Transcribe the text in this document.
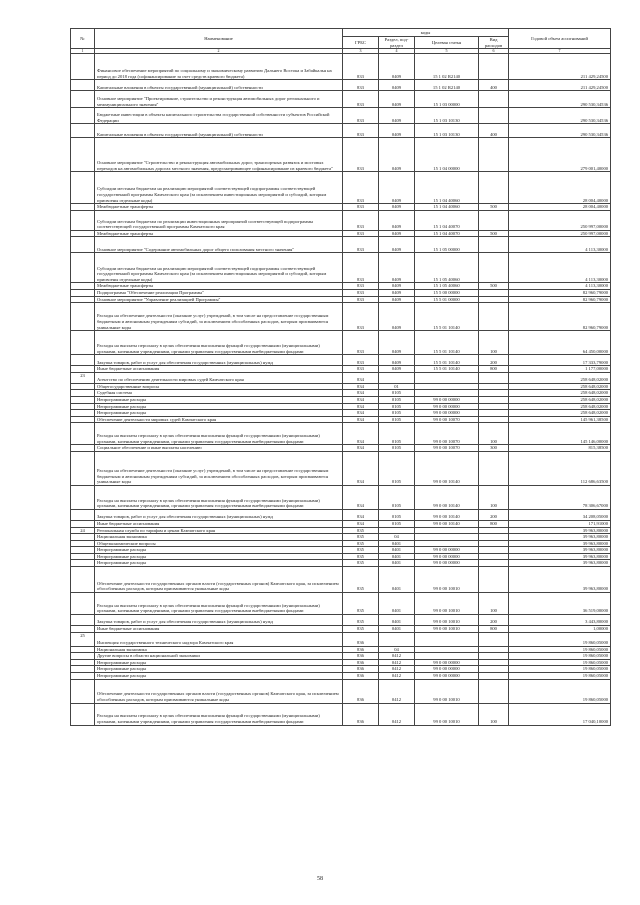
№	Наименование	коды				Годовой объем ассигнований
		ГРБС	Раздел, под-раздел	Целевая статья	Вид расходов	
1	2	3	4	5	6	7
	Финансовое обеспечение мероприятий по социальному и экономическому развитию Дальнего Востока и Забайкалья на период до 2018 года (софинансирование за счет средств краевого бюджета)	833	0409	15 1 02 R2140		211 429,24500
	Капитальные вложения в объекты государственной (муниципальной) собственности	833	0409	15 1 02 R2140	400	211 429,24500
	Основное мероприятие "Проектирование, строительство и реконструкция автомобильных дорог регионального и межмуниципального значения"	833	0409	15 1 03 00000		290 530,34536
	Бюджетные инвестиции в объекты капитального строительства государственной собственности субъектов Российской Федерации	833	0409	15 1 03 10130		290 530,34536
	Капитальные вложения в объекты государственной (муниципальной) собственности	833	0409	15 1 03 10130	400	290 530,34536
	Основное мероприятие "Строительство и реконструкция автомобильных дорог, транспортных развязок и мостовых переходов на автомобильных дорогах местного значения, предусматривающее софинансирование из краевого бюджета"	833	0409	15 1 04 00000		279 001,40000
	Субсидии местным бюджетам на реализацию мероприятий соответствующей подпрограммы соответствующей государственной программы Камчатского края (за исключением инвестиционных мероприятий и субсидий, которым присвоены отдельные коды)	833	0409	15 1 04 40060		28 004,40000
	Межбюджетные трансферты	833	0409	15 1 04 40060	500	28 004,40000
	Субсидии местным бюджетам по реализации инвестиционных мероприятий соответствующей подпрограммы соответствующей государственной программы Камчатского края	833	0409	15 1 04 40070		250 997,00000
	Межбюджетные трансферты	833	0409	15 1 04 40070	500	250 997,00000
	Основное мероприятие "Содержание автомобильных дорог общего пользования местного значения"	833	0409	15 1 05 00000		4 113,30000
	Субсидии местным бюджетам на реализацию мероприятий соответствующей подпрограммы соответствующей государственной программы Камчатского края (за исключением инвестиционных мероприятий и субсидий, которым присвоены отдельные коды)	833	0409	15 1 05 40060		4 113,30000
	Межбюджетные трансферты	833	0409	15 1 05 40060	500	4 113,30000
	Подпрограмма "Обеспечение реализации Программы"	833	0409	15 5 00 00000		82 960,79000
	Основное мероприятие "Управление реализацией Программы"	833	0409	15 5 01 00000		82 960,79000
	Расходы на обеспечение деятельности (оказание услуг) учреждений, в том числе на предоставление государственным бюджетным и автономным учреждениям субсидий, за исключением обособленных расходов, которым присваиваются уникальные коды	833	0409	15 5 01 10140		82 960,79000
	Расходы на выплаты персоналу в целях обеспечения выполнения функций государственными (муниципальными) органами, казенными учреждениями, органами управления государственными внебюджетными фондами	833	0409	15 5 01 10140	100	64 450,00000
	Закупка товаров, работ и услуг для обеспечения государственных (муниципальных) нужд	833	0409	15 5 01 10140	200	17 333,79000
	Иные бюджетные ассигнования	833	0409	15 5 01 10140	800	1 177,00000
23	Агентство по обеспечению деятельности мировых судей Камчатского края	834				258 648,02000
	Общегосударственные вопросы	834	01			258 648,02000
	Судебная система	834	0105			258 648,02000
	Непрограммные расходы	834	0105	99 0 00 00000		258 648,02000
	Непрограммные расходы	834	0105	99 0 00 00000		258 648,02000
	Непрограммные расходы	834	0105	99 0 00 00000		258 648,02000
	Обеспечение деятельности мировых судей Камчатского края	834	0105	99 0 00 10070		145 961,38500
	Расходы на выплаты персоналу в целях обеспечения выполнения функций государственными (муниципальными) органами, казенными учреждениями, органами управления государственными внебюджетными фондами	834	0105	99 0 00 10070	100	145 146,00000
	Социальное обеспечение и иные выплаты населению	834	0105	99 0 00 10070	300	815,38500
	Расходы на обеспечение деятельности (оказание услуг) учреждений, в том числе на предоставление государственным бюджетным и автономным учреждениям субсидий, за исключением обособленных расходов, которым присваиваются уникальные коды	834	0105	99 0 00 10140		112 686,63500
	Расходы на выплаты персоналу в целях обеспечения выполнения функций государственными (муниципальными) органами, казенными учреждениями, органами управления государственными внебюджетными фондами	834	0105	99 0 00 10140	100	78 306,67000
	Закупка товаров, работ и услуг для обеспечения государственных (муниципальных) нужд	834	0105	99 0 00 10140	200	34 208,05000
	Иные бюджетные ассигнования	834	0105	99 0 00 10140	800	171,91000
24	Региональная служба по тарифам и ценам Камчатского края	835				39 963,80000
	Национальная экономика	835	04			39 963,80000
	Общеэкономические вопросы	835	0401			39 963,80000
	Непрограммные расходы	835	0401	99 0 00 00000		39 963,80000
	Непрограммные расходы	835	0401	99 0 00 00000		39 963,80000
	Непрограммные расходы	835	0401	99 0 00 00000		39 963,80000
	Обеспечение деятельности государственных органов власти (государственных органов) Камчатского края, за исключением обособленных расходов, которым присваиваются уникальные коды	835	0401	99 0 00 10010		39 963,80000
	Расходы на выплаты персоналу в целях обеспечения выполнения функций государственными (муниципальными) органами, казенными учреждениями, органами управления государственными внебюджетными фондами	835	0401	99 0 00 10010	100	36 519,00000
	Закупка товаров, работ и услуг для обеспечения государственных (муниципальных) нужд	835	0401	99 0 00 10010	200	3 443,80000
	Иные бюджетные ассигнования	835	0401	99 0 00 10010	800	1,00000
25	Инспекция государственного технического надзора Камчатского края	836				19 860,05000
	Национальная экономика	836	04			19 860,05000
	Другие вопросы в области национальной экономики	836	0412			19 860,05000
	Непрограммные расходы	836	0412	99 0 00 00000		19 860,05000
	Непрограммные расходы	836	0412	99 0 00 00000		19 860,05000
	Непрограммные расходы	836	0412	99 0 00 00000		19 860,05000
	Обеспечение деятельности государственных органов власти (государственных органов) Камчатского края, за исключением обособленных расходов, которым присваиваются уникальные коды	836	0412	99 0 00 10010		19 860,05000
	Расходы на выплаты персоналу в целях обеспечения выполнения функций государственными (муниципальными) органами, казенными учреждениями, органами управления государственными внебюджетными фондами	836	0412	99 0 00 10010	100	17 040,10000
58
